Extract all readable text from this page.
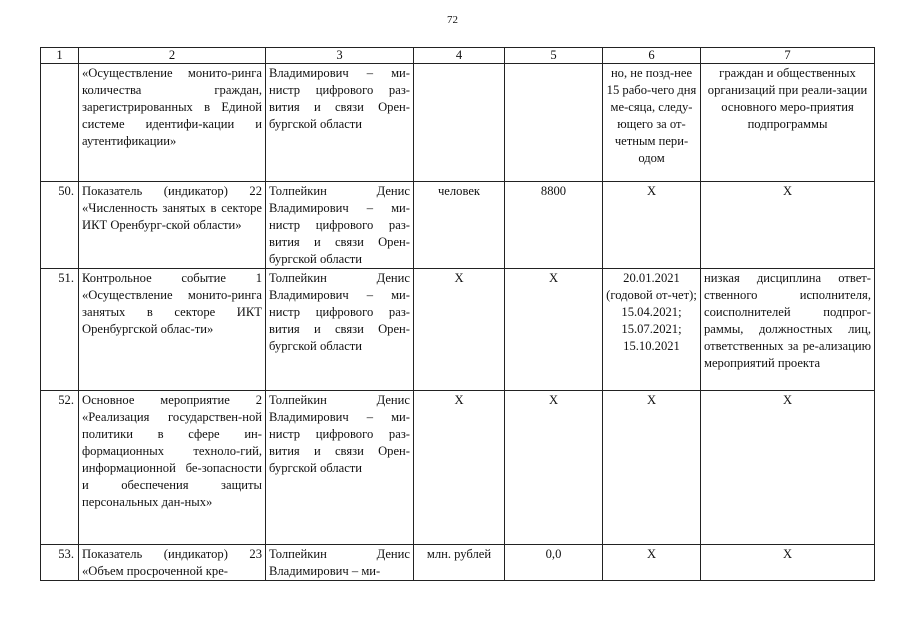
72
1	2	3	4	5	6	7
	«Осуществление монито-ринга количества граждан, зарегистрированных в Единой системе идентифи-кации и аутентификации»	Владимирович – ми-нистр цифрового раз-вития и связи Орен-бургской области			но, не позд-нее 15 рабо-чего дня ме-сяца, следу-ющего за от-четным пери-одом	граждан и общественных организаций при реали-зации основного меро-приятия подпрограммы
50.	Показатель (индикатор) 22 «Численность занятых в секторе ИКТ Оренбург-ской области»	Толпейкин Денис Владимирович – ми-нистр цифрового раз-вития и связи Орен-бургской области	человек	8800	Х	Х
51.	Контрольное событие 1 «Осуществление монито-ринга занятых в секторе ИКТ Оренбургской облас-ти»	Толпейкин Денис Владимирович – ми-нистр цифрового раз-вития и связи Орен-бургской области	Х	Х	20.01.2021 (годовой от-чет); 15.04.2021; 15.07.2021; 15.10.2021	низкая дисциплина ответ-ственного исполнителя, соисполнителей подпрог-раммы, должностных лиц, ответственных за ре-ализацию мероприятий проекта
52.	Основное мероприятие 2 «Реализация государствен-ной политики в сфере ин-формационных техноло-гий, информационной бе-зопасности и обеспечения защиты персональных дан-ных»	Толпейкин Денис Владимирович – ми-нистр цифрового раз-вития и связи Орен-бургской области	Х	Х	Х	Х
53.	Показатель (индикатор) 23 «Объем просроченной кре-	Толпейкин Денис Владимирович – ми-	млн. рублей	0,0	Х	Х
